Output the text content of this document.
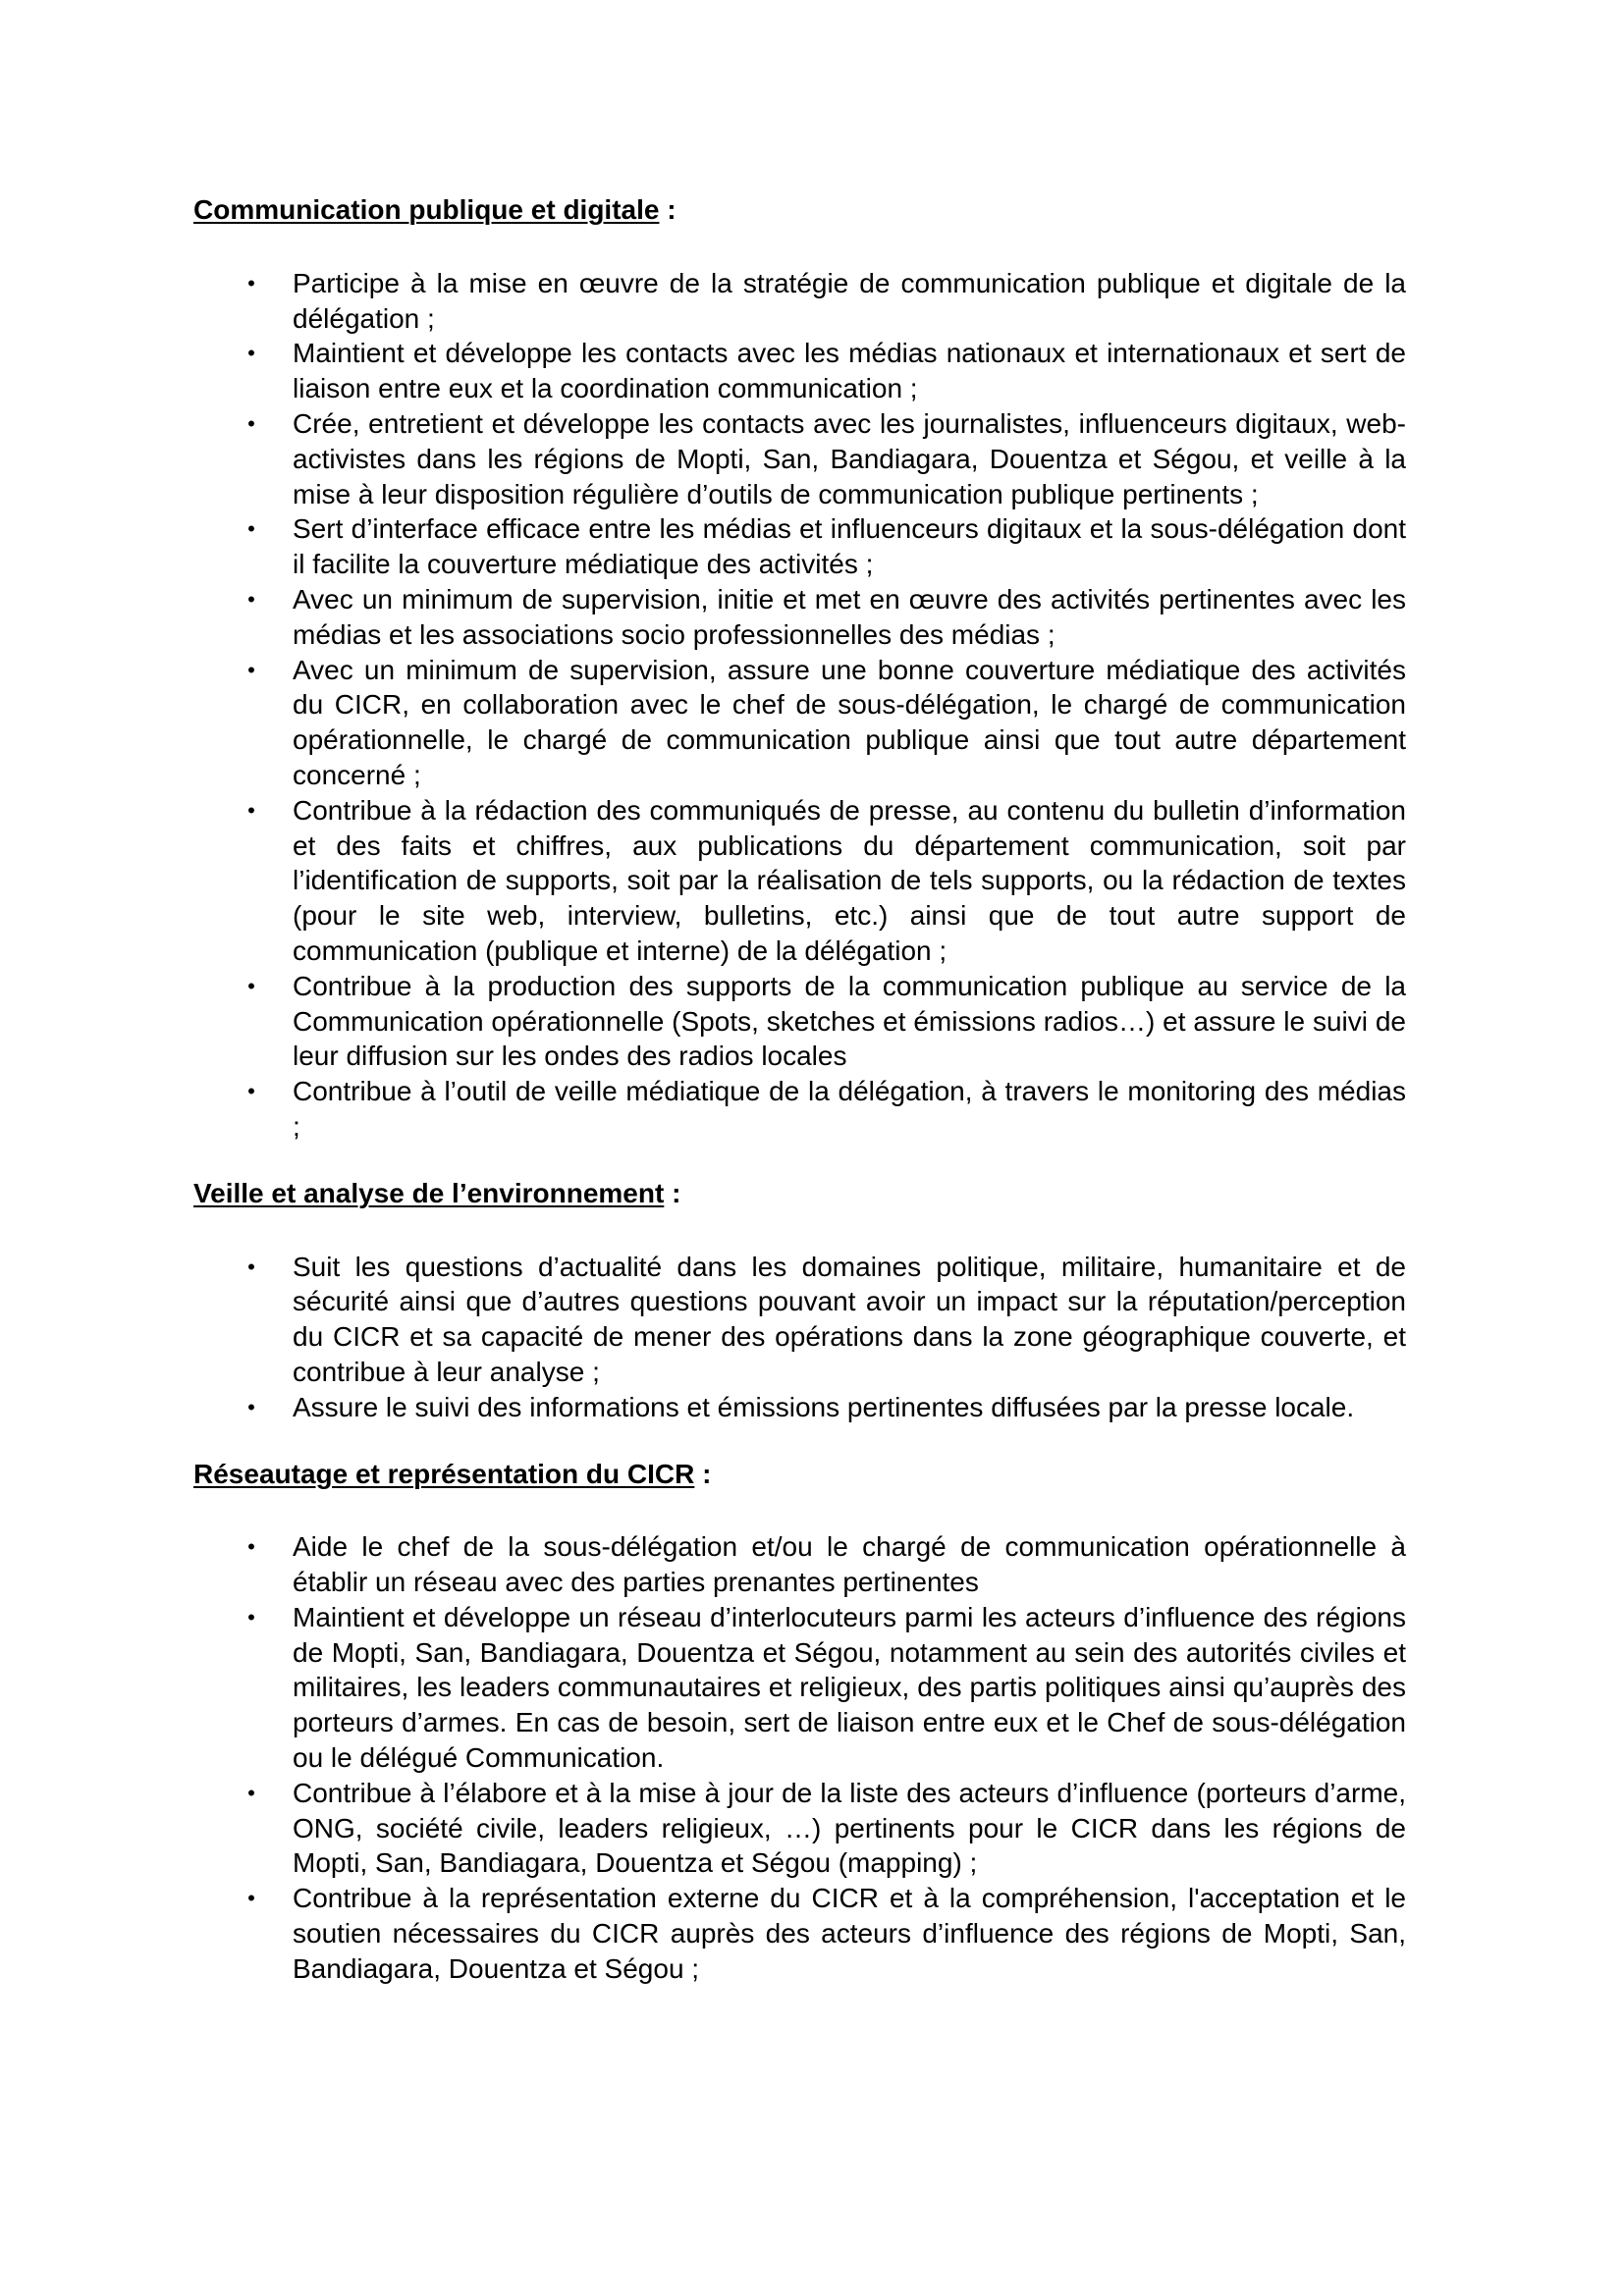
Communication publique et digitale :
• Participe à la mise en œuvre de la stratégie de communication publique et digitale de la délégation ;
• Maintient et développe les contacts avec les médias nationaux et internationaux et sert de liaison entre eux et la coordination communication ;
• Crée, entretient et développe les contacts avec les journalistes, influenceurs digitaux, web-activistes dans les régions de Mopti, San, Bandiagara, Douentza et Ségou, et veille à la mise à leur disposition régulière d’outils de communication publique pertinents ;
• Sert d’interface efficace entre les médias et influenceurs digitaux et la sous-délégation dont il facilite la couverture médiatique des activités ;
• Avec un minimum de supervision, initie et met en œuvre des activités pertinentes avec les médias et les associations socio professionnelles des médias ;
• Avec un minimum de supervision, assure une bonne couverture médiatique des activités du CICR, en collaboration avec le chef de sous-délégation, le chargé de communication opérationnelle, le chargé de communication publique ainsi que tout autre département concerné ;
• Contribue à la rédaction des communiqués de presse, au contenu du bulletin d’information et des faits et chiffres, aux publications du département communication, soit par l’identification de supports, soit par la réalisation de tels supports, ou la rédaction de textes (pour le site web, interview, bulletins, etc.) ainsi que de tout autre support de communication (publique et interne) de la délégation ;
• Contribue à la production des supports de la communication publique au service de la Communication opérationnelle (Spots, sketches et émissions radios…) et assure le suivi de leur diffusion sur les ondes des radios locales
• Contribue à l’outil de veille médiatique de la délégation, à travers le monitoring des médias ;
Veille et analyse de l’environnement :
• Suit les questions d’actualité dans les domaines politique, militaire, humanitaire et de sécurité ainsi que d’autres questions pouvant avoir un impact sur la réputation/perception du CICR et sa capacité de mener des opérations dans la zone géographique couverte, et contribue à leur analyse ;
• Assure le suivi des informations et émissions pertinentes diffusées par la presse locale.
Réseautage et représentation du CICR :
• Aide le chef de la sous-délégation et/ou le chargé de communication opérationnelle à établir un réseau avec des parties prenantes pertinentes
• Maintient et développe un réseau d’interlocuteurs parmi les acteurs d’influence des régions de Mopti, San, Bandiagara, Douentza et Ségou, notamment au sein des autorités civiles et militaires, les leaders communautaires et religieux, des partis politiques ainsi qu’auprès des porteurs d’armes. En cas de besoin, sert de liaison entre eux et le Chef de sous-délégation ou le délégué Communication.
• Contribue à l’élabore et à la mise à jour de la liste des acteurs d’influence (porteurs d’arme, ONG, société civile, leaders religieux, …) pertinents pour le CICR dans les régions de Mopti, San, Bandiagara, Douentza et Ségou (mapping) ;
• Contribue à la représentation externe du CICR et à la compréhension, l'acceptation et le soutien nécessaires du CICR auprès des acteurs d’influence des régions de Mopti, San, Bandiagara, Douentza et Ségou ;
